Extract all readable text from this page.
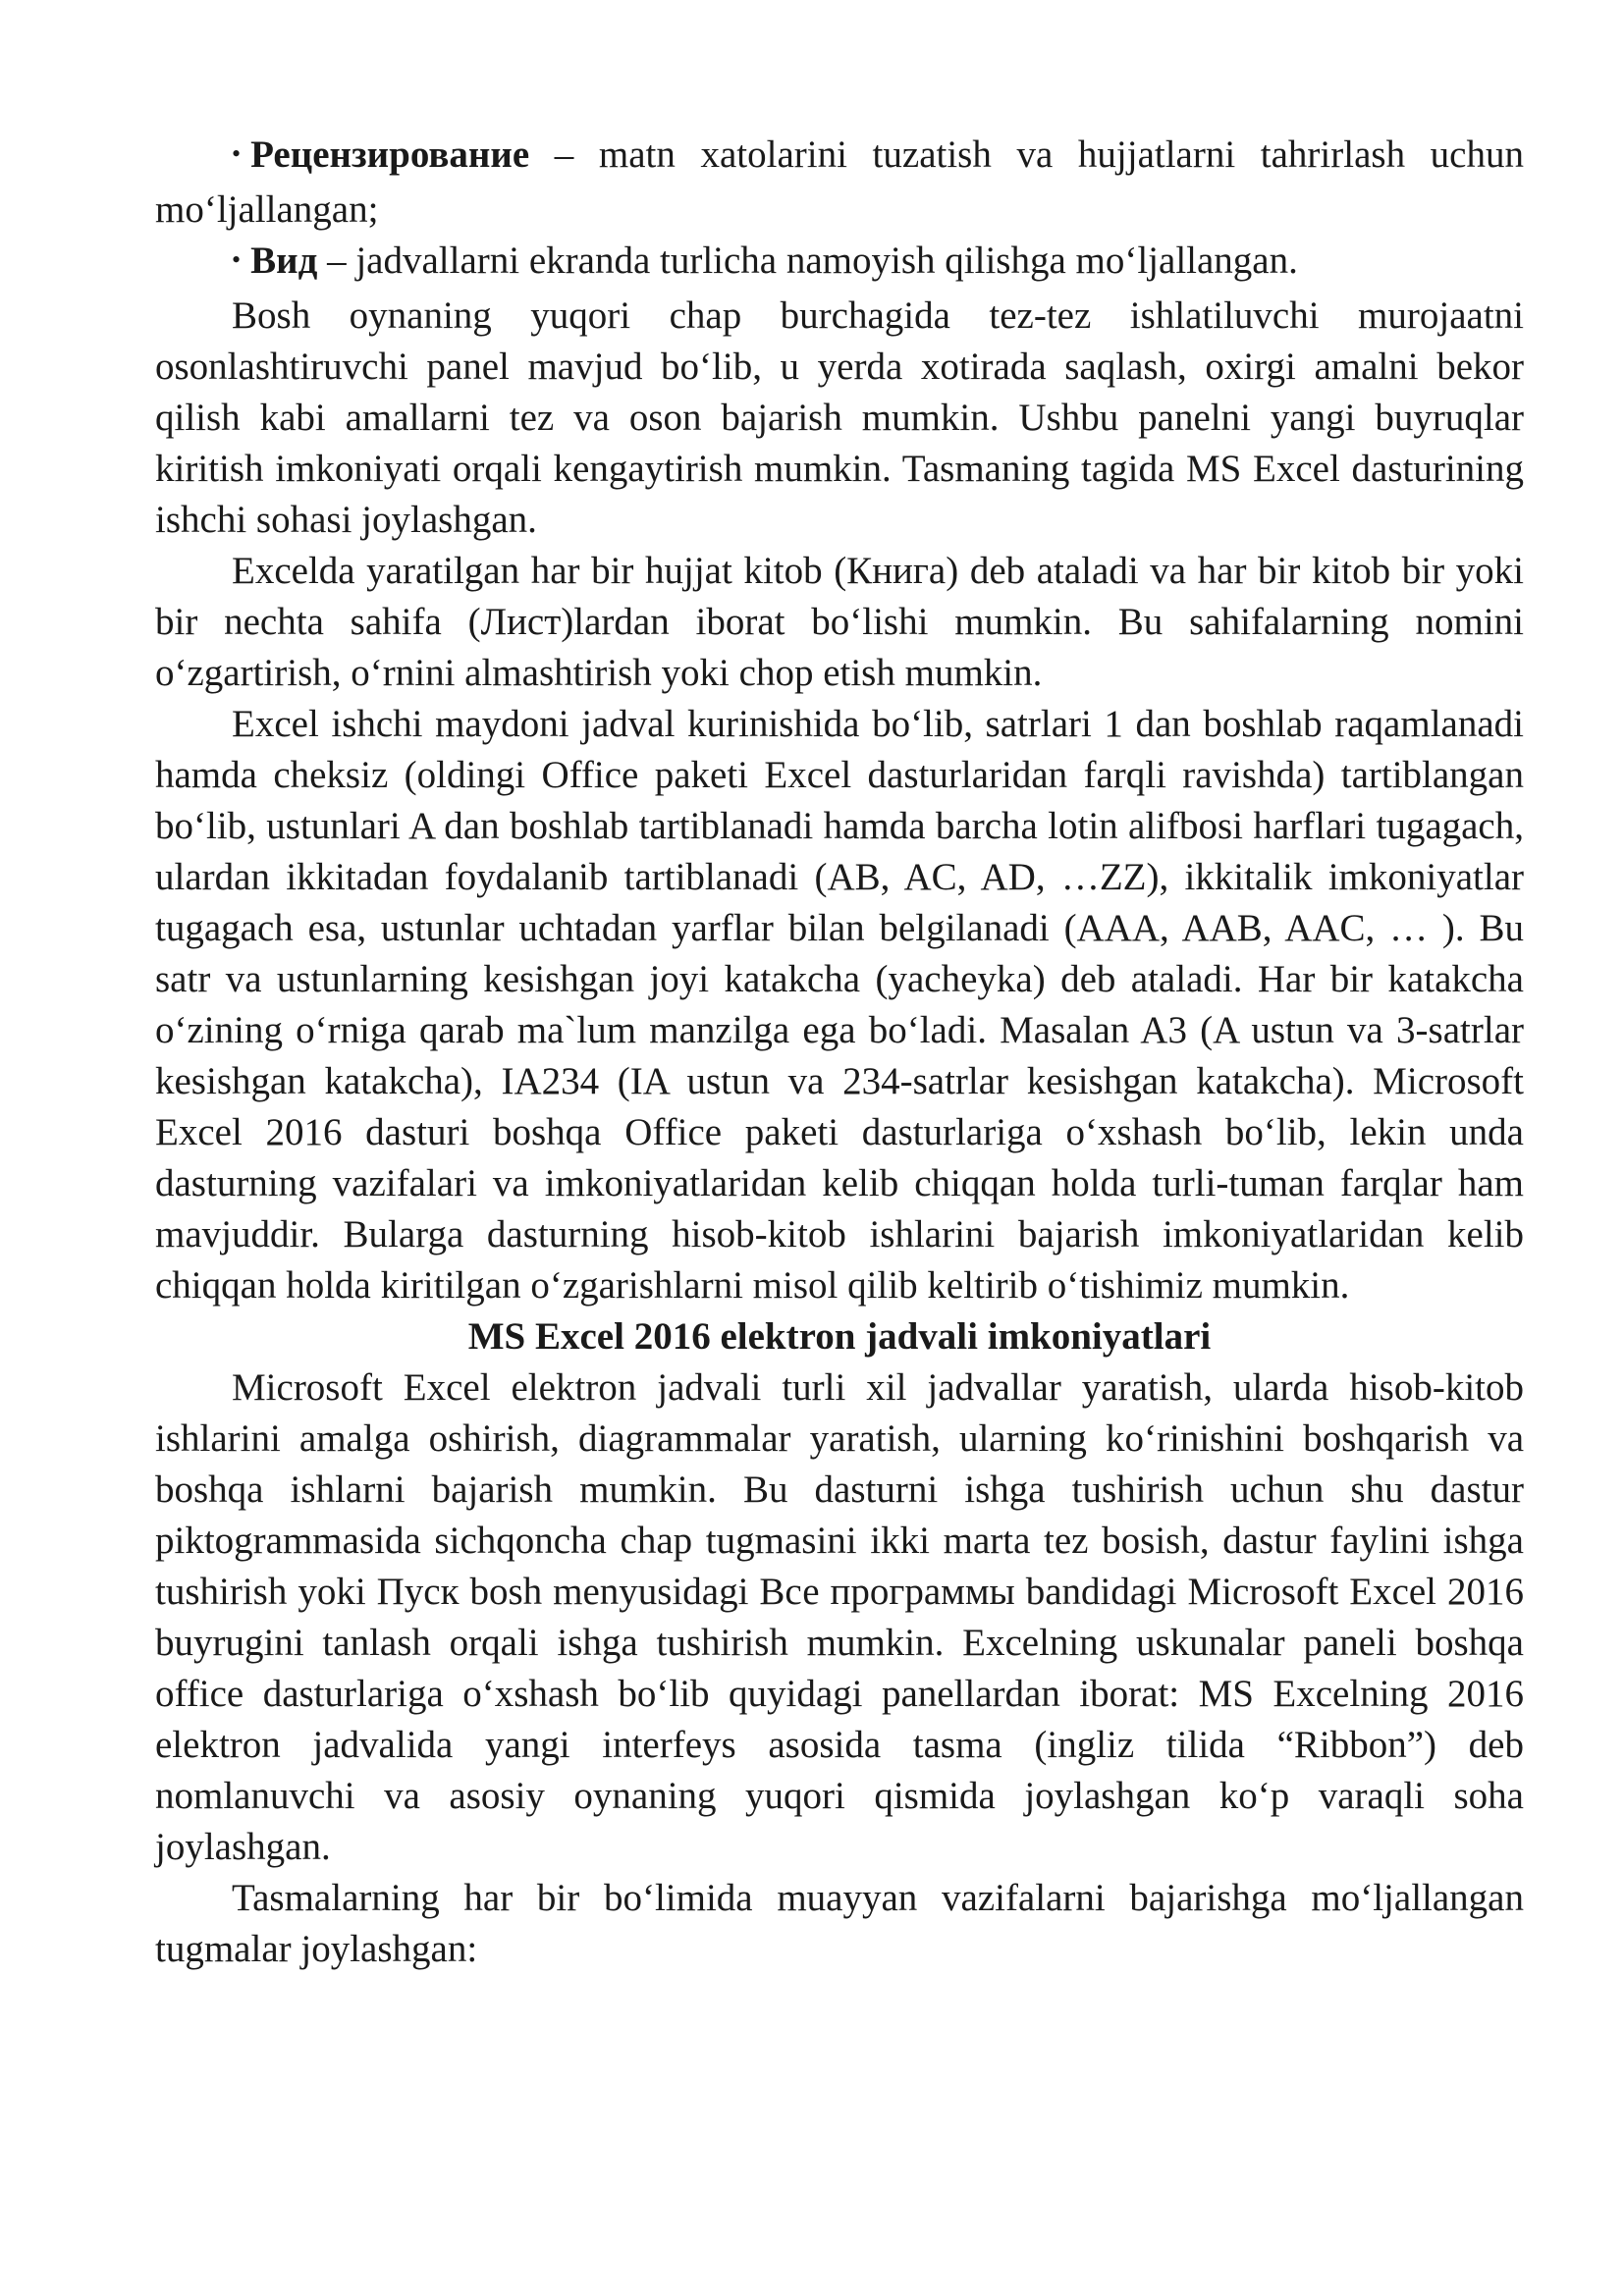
• Рецензирование – matn xatolarini tuzatish va hujjatlarni tahrirlash uchun mo‘ljallangan;

• Вид – jadvallarni ekranda turlicha namoyish qilishga mo‘ljallangan.

Bosh oynaning yuqori chap burchagida tez-tez ishlatiluvchi murojaatni osonlashtiruvchi panel mavjud bo‘lib, u yerda xotirada saqlash, oxirgi amalni bekor qilish kabi amallarni tez va oson bajarish mumkin. Ushbu panelni yangi buyruqlar kiritish imkoniyati orqali kengaytirish mumkin. Tasmaning tagida MS Excel dasturining ishchi sohasi joylashgan.

Excelda yaratilgan har bir hujjat kitob (Книга) deb ataladi va har bir kitob bir yoki bir nechta sahifa (Лист)lardan iborat bo‘lishi mumkin. Bu sahifalarning nomini o‘zgartirish, o‘rnini almashtirish yoki chop etish mumkin.

Excel ishchi maydoni jadval kurinishida bo‘lib, satrlari 1 dan boshlab raqamlanadi hamda cheksiz (oldingi Office paketi Excel dasturlaridan farqli ravishda) tartiblangan bo‘lib, ustunlari A dan boshlab tartiblanadi hamda barcha lotin alifbosi harflari tugagach, ulardan ikkitadan foydalanib tartiblanadi (AB, AC, AD, …ZZ), ikkitalik imkoniyatlar tugagach esa, ustunlar uchtadan yarflar bilan belgilanadi (AAA, AAB, AAC, … ). Bu satr va ustunlarning kesishgan joyi katakcha (yacheyka) deb ataladi. Har bir katakcha o‘zining o‘rniga qarab ma`lum manzilga ega bo‘ladi. Masalan A3 (A ustun va 3-satrlar kesishgan katakcha), IA234 (IA ustun va 234-satrlar kesishgan katakcha). Microsoft Excel 2016 dasturi boshqa Office paketi dasturlariga o‘xshash bo‘lib, lekin unda dasturning vazifalari va imkoniyatlaridan kelib chiqqan holda turli-tuman farqlar ham mavjuddir. Bularga dasturning hisob-kitob ishlarini bajarish imkoniyatlaridan kelib chiqqan holda kiritilgan o‘zgarishlarni misol qilib keltirib o‘tishimiz mumkin.

MS Excel 2016 elektron jadvali imkoniyatlari

Microsoft Excel elektron jadvali turli xil jadvallar yaratish, ularda hisob-kitob ishlarini amalga oshirish, diagrammalar yaratish, ularning ko‘rinishini boshqarish va boshqa ishlarni bajarish mumkin. Bu dasturni ishga tushirish uchun shu dastur piktogrammasida sichqoncha chap tugmasini ikki marta tez bosish, dastur faylini ishga tushirish yoki Пуск bosh menyusidagi Все программы bandidagi Microsoft Excel 2016 buyrugini tanlash orqali ishga tushirish mumkin. Excelning uskunalar paneli boshqa office dasturlariga o‘xshash bo‘lib quyidagi panellardan iborat: MS Excelning 2016 elektron jadvalida yangi interfeys asosida tasma (ingliz tilida “Ribbon”) deb nomlanuvchi va asosiy oynaning yuqori qismida joylashgan ko‘p varaqli soha joylashgan.

Tasmalarning har bir bo‘limida muayyan vazifalarni bajarishga mo‘ljallangan tugmalar joylashgan:
